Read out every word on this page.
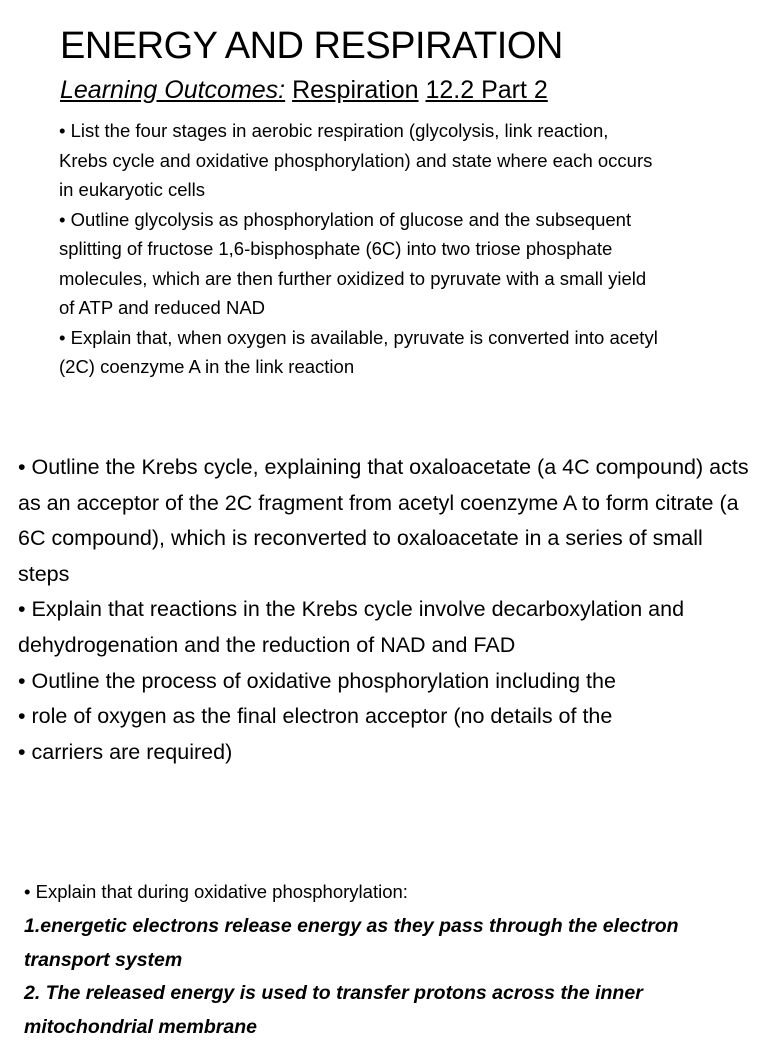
ENERGY AND RESPIRATION
Learning Outcomes: Respiration 12.2 Part 2

• List the four stages in aerobic respiration (glycolysis, link reaction, Krebs cycle and oxidative phosphorylation) and state where each occurs in eukaryotic cells

• Outline glycolysis as phosphorylation of glucose and the subsequent splitting of fructose 1,6-bisphosphate (6C) into two triose phosphate molecules, which are then further oxidized to pyruvate with a small yield of ATP and reduced NAD

• Explain that, when oxygen is available, pyruvate is converted into acetyl (2C) coenzyme A in the link reaction

• Outline the Krebs cycle, explaining that oxaloacetate (a 4C compound) acts as an acceptor of the 2C fragment from acetyl coenzyme A to form citrate (a 6C compound), which is reconverted to oxaloacetate in a series of small steps

• Explain that reactions in the Krebs cycle involve decarboxylation and dehydrogenation and the reduction of NAD and FAD

• Outline the process of oxidative phosphorylation including the

• role of oxygen as the final electron acceptor (no details of the

• carriers are required)

• Explain that during oxidative phosphorylation:

1.energetic electrons release energy as they pass through the electron transport system

2. The released energy is used to transfer protons across the inner mitochondrial membrane
